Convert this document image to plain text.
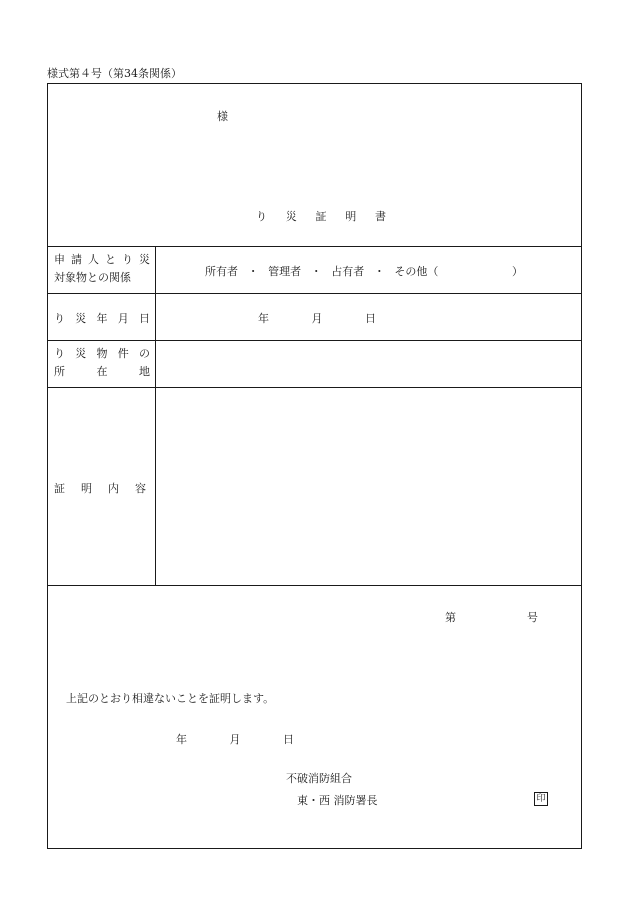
様式第４号（第34条関係）
様
り 災 証 明 書
申 請 人 と り 災
対象物との関係	所有者 ・ 管理者 ・ 占有者 ・ その他（	）
り 災 年 月 日	年	月	日
り 災 物 件 の
所	在	地
証 明 内 容
第	号
上記のとおり相違ないことを証明します。
年	月	日
不破消防組合
東・西 消防署長	印
